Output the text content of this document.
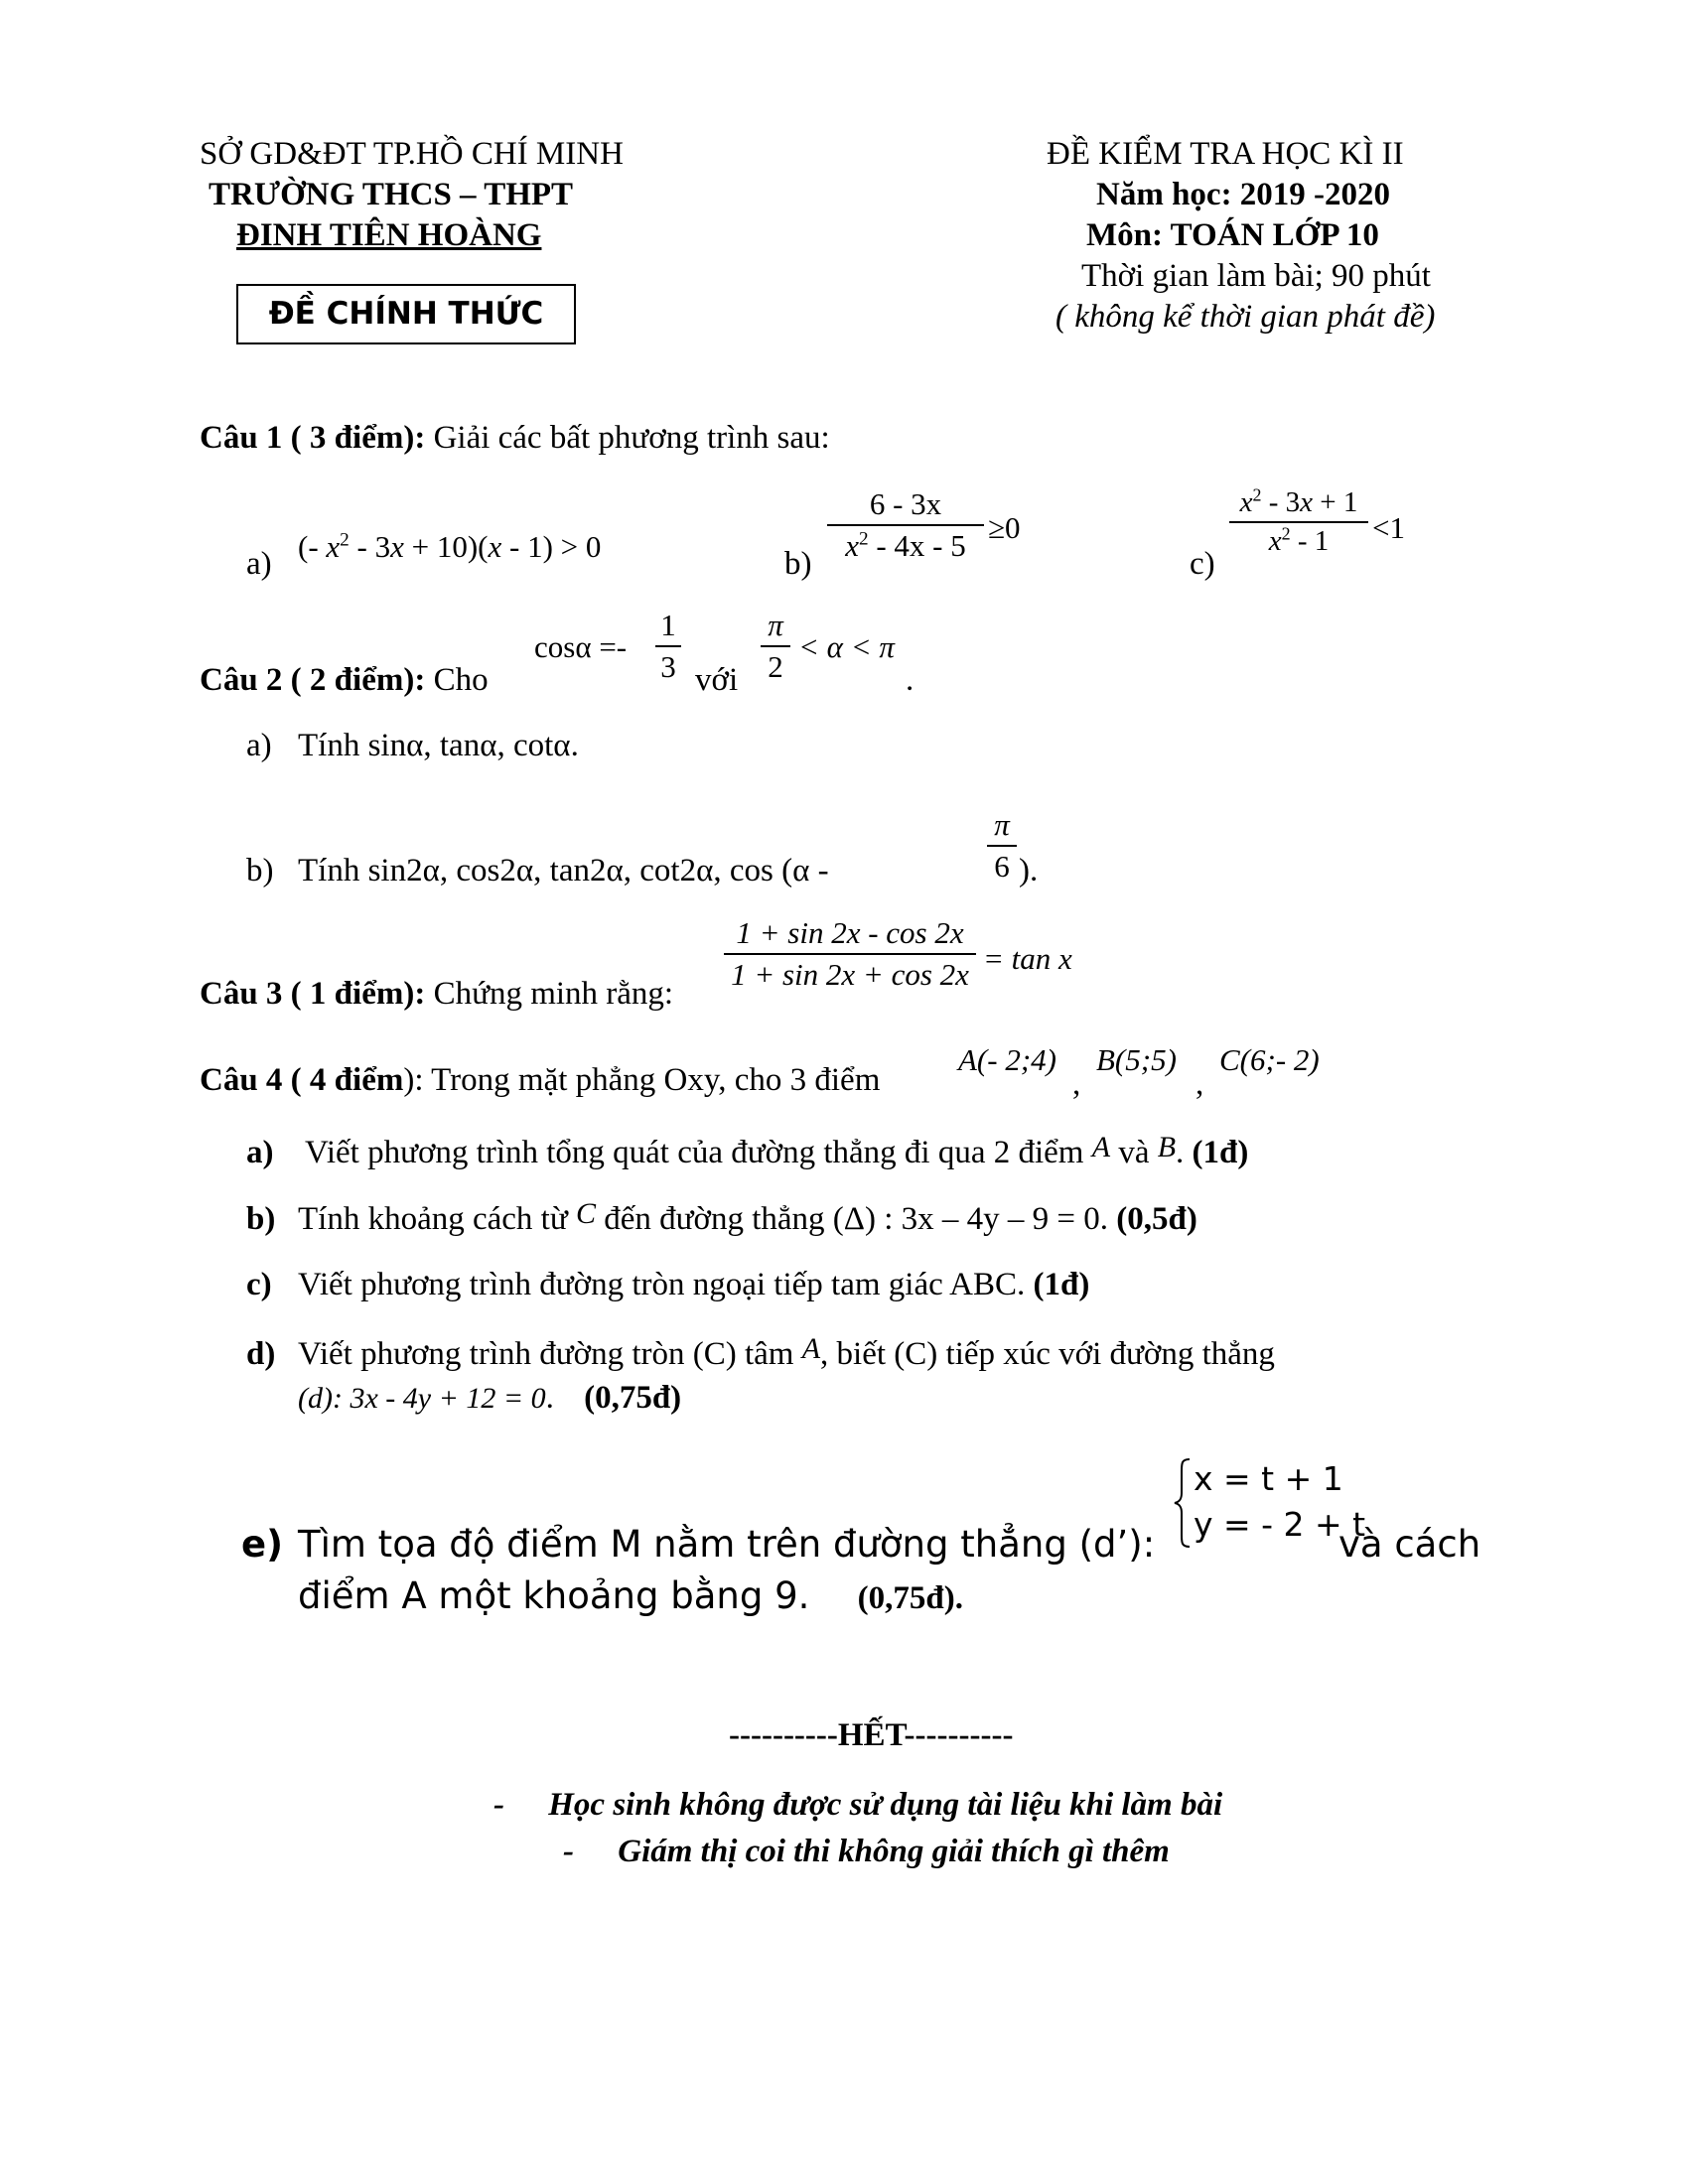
SỞ GD&ĐT TP.HỒ CHÍ MINH
TRƯỜNG THCS – THPT
ĐINH TIÊN HOÀNG
ĐỀ CHÍNH THỨC
ĐỀ KIỂM TRA HỌC KÌ II
Năm học: 2019 -2020
Môn: TOÁN LỚP 10
Thời gian làm bài; 90 phút
( không kể thời gian phát đề)
Câu 1 ( 3 điểm): Giải các bất phương trình sau:
a) (- $x^2 - 3x + 10)(x - 1) > 0$	b)
6 - 3x
$x^2 - 4x - 5$
≥0
c)
$x^2 - 3x + 1$
$x^2 - 1$	<1
Câu 2 ( 2 điểm): Cho
cosα =-
1
3 với
π
2
< α < π
.
a) Tính sinα, tanα, cotα.
b) Tính sin2α, cos2α, tan2α, cot2α, cos (α -
π
6 ).
Câu 3 ( 1 điểm): Chứng minh rằng:
1 + sin 2x - cos 2x
1 + sin 2x + cos 2x = tan x
Câu 4 ( 4 điểm): Trong mặt phẳng Oxy, cho 3 điểm
A(- 2;4)
,
B(5;5)
,
C(6;- 2)
a) Viết phương trình tổng quát của đường thẳng đi qua 2 điểm A và B. (1đ)
b) Tính khoảng cách từ C đến đường thẳng (Δ) : 3x – 4y – 9 = 0. (0,5đ)
c) Viết phương trình đường tròn ngoại tiếp tam giác ABC. (1đ)
d) Viết phương trình đường tròn (C) tâm A, biết (C) tiếp xúc với đường thẳng
(d): 3x - 4y + 12 = 0. (0,75đ)
e) Tìm tọa độ điểm M nằm trên đường thẳng (d’):
x = t + 1
y = - 2 + t
và cách
điểm A một khoảng bằng 9. (0,75đ).
----------HẾT----------
- Học sinh không được sử dụng tài liệu khi làm bài
- Giám thị coi thi không giải thích gì thêm
